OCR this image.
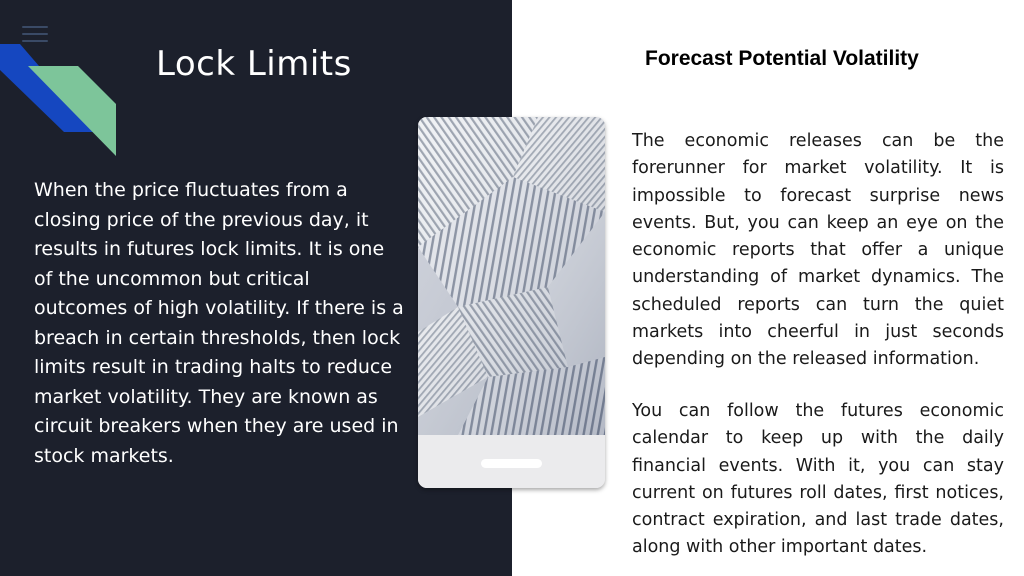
Lock Limits
When the price fluctuates from a closing price of the previous day, it results in futures lock limits. It is one of the uncommon but critical outcomes of high volatility. If there is a breach in certain thresholds, then lock limits result in trading halts to reduce market volatility. They are known as circuit breakers when they are used in stock markets.
Forecast Potential Volatility

The economic releases can be the forerunner for market volatility. It is impossible to forecast surprise news events. But, you can keep an eye on the economic reports that offer a unique understanding of market dynamics. The scheduled reports can turn the quiet markets into cheerful in just seconds depending on the released information.

You can follow the futures economic calendar to keep up with the daily financial events. With it, you can stay current on futures roll dates, first notices, contract expiration, and last trade dates, along with other important dates.
